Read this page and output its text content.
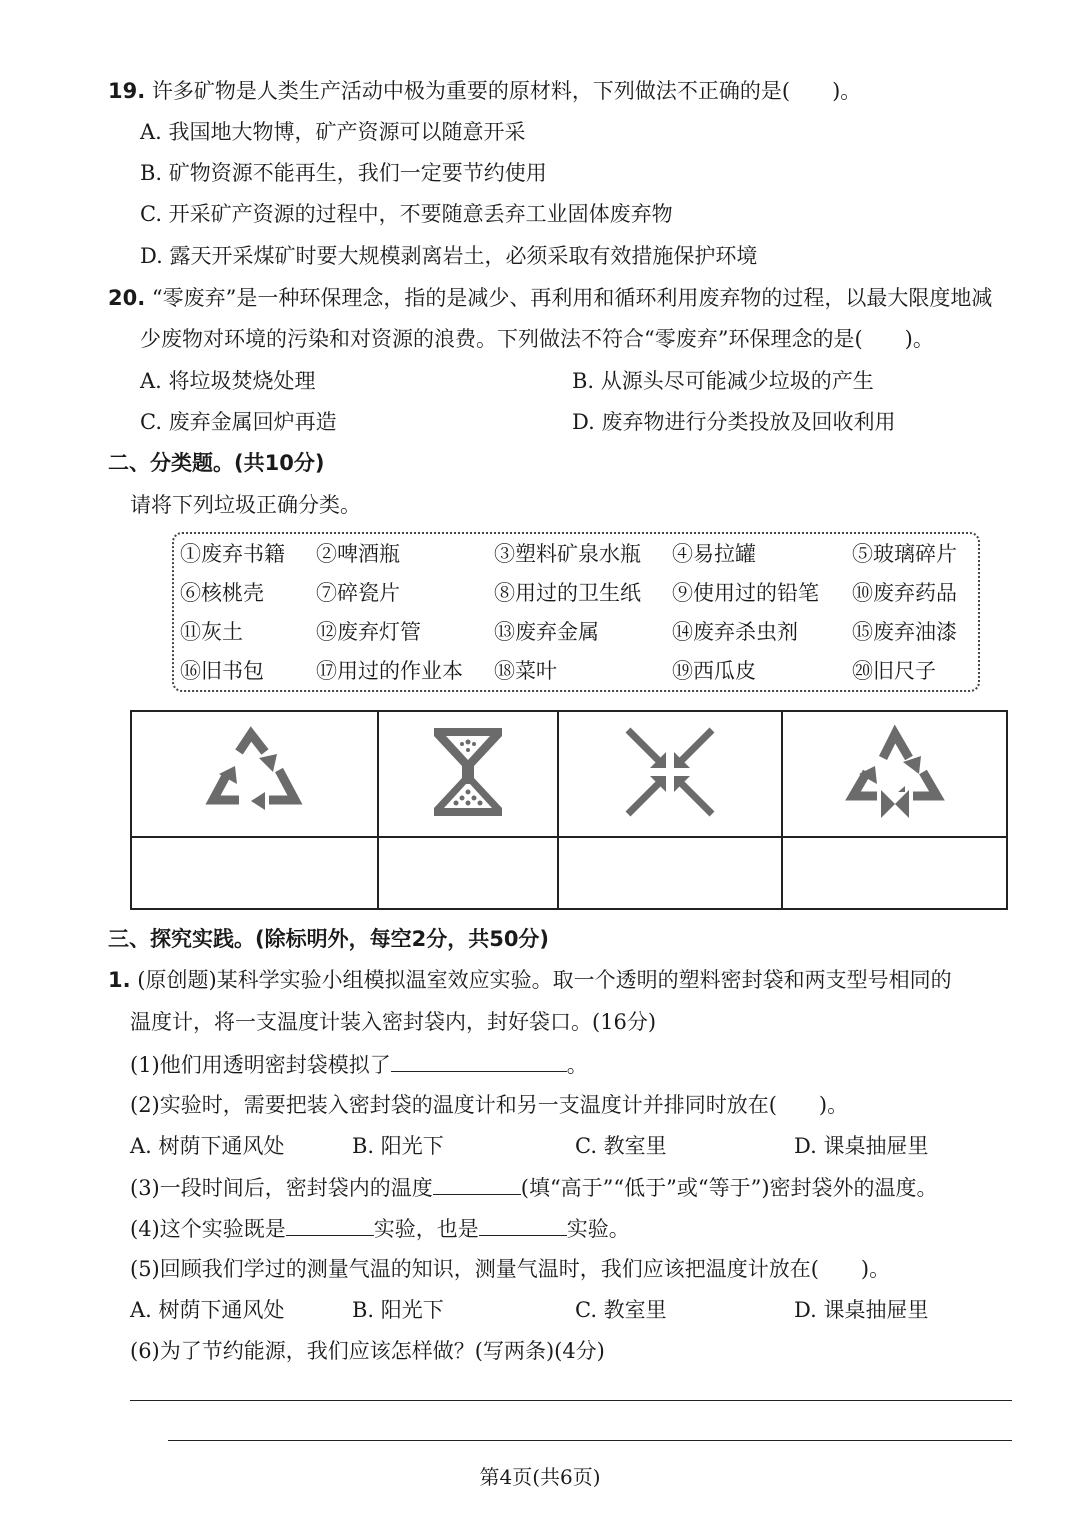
19. 许多矿物是人类生产活动中极为重要的原材料，下列做法不正确的是(　　)。
A. 我国地大物博，矿产资源可以随意开采
B. 矿物资源不能再生，我们一定要节约使用
C. 开采矿产资源的过程中，不要随意丢弃工业固体废弃物
D. 露天开采煤矿时要大规模剥离岩土，必须采取有效措施保护环境
20. “零废弃”是一种环保理念，指的是减少、再利用和循环利用废弃物的过程，以最大限度地减
少废物对环境的污染和对资源的浪费。下列做法不符合“零废弃”环保理念的是(　　)。
A. 将垃圾焚烧处理	B. 从源头尽可能减少垃圾的产生
C. 废弃金属回炉再造	D. 废弃物进行分类投放及回收利用
二、分类题。(共10分)
请将下列垃圾正确分类。
①废弃书籍 ②啤酒瓶	③塑料矿泉水瓶 ④易拉罐	⑤玻璃碎片
⑥核桃壳 ⑦碎瓷片	⑧用过的卫生纸 ⑨使用过的铅笔 ⑩废弃药品
⑪灰土	⑫废弃灯管	⑬废弃金属	⑭废弃杀虫剂	⑮废弃油漆
⑯旧书包 ⑰用过的作业本 ⑱菜叶	⑲西瓜皮	⑳旧尺子

三、探究实践。(除标明外，每空2分，共50分)
1. (原创题)某科学实验小组模拟温室效应实验。取一个透明的塑料密封袋和两支型号相同的
温度计，将一支温度计装入密封袋内，封好袋口。(16分)
(1)他们用透明密封袋模拟了	。
(2)实验时，需要把装入密封袋的温度计和另一支温度计并排同时放在(　　)。
A. 树荫下通风处	B. 阳光下	C. 教室里	D. 课桌抽屉里
(3)一段时间后，密封袋内的温度	(填“高于”“低于”或“等于”)密封袋外的温度。
(4)这个实验既是	实验，也是	实验。
(5)回顾我们学过的测量气温的知识，测量气温时，我们应该把温度计放在(　　)。
A. 树荫下通风处	B. 阳光下	C. 教室里	D. 课桌抽屉里
(6)为了节约能源，我们应该怎样做？(写两条)(4分)
第4页(共6页)
